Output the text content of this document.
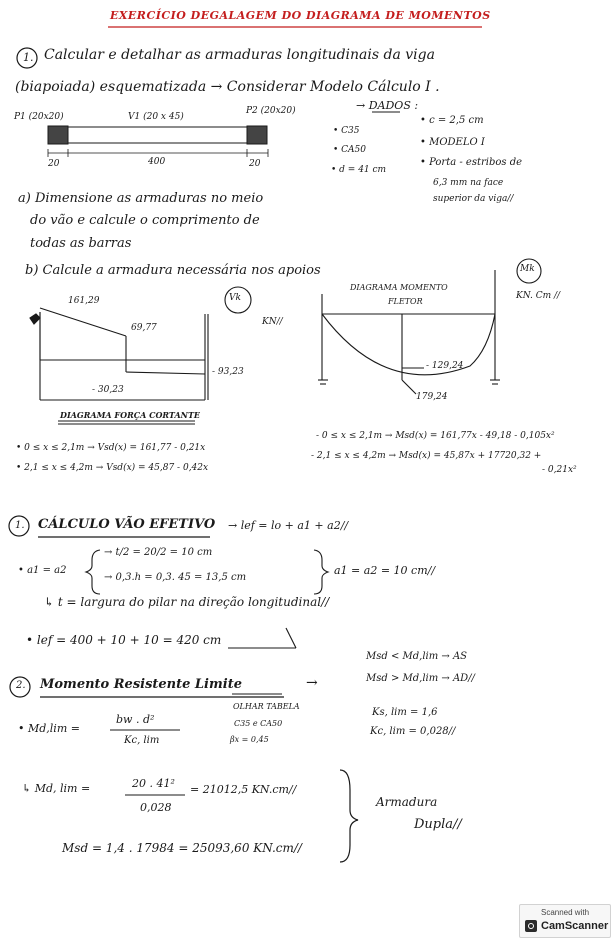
EXERCÍCIO DEGALAGEM DO DIAGRAMA DE MOMENTOS
1. Calcular e detalhar as armaduras longitudinais da viga
(biapoiada) esquematizada → Considerar Modelo Cálculo I .
P1 (20x20)	V1 (20 x 45)
P2 (20x20)
20	400	20
→ DADOS :
• C35
• CA50
• d = 41 cm
• c = 2,5 cm
• MODELO I
• Porta - estribos de
6,3 mm na face
superior da viga//
a) Dimensione as armaduras no meio
do vão e calcule o comprimento de
todas as barras
b) Calcule a armadura necessária nos apoios
161,29
69,77
- 30,23
- 93,23
Vk
KN//
DIAGRAMA FORÇA CORTANTE
DIAGRAMA MOMENTO
FLETOR
- 129,24
179,24
Mk
KN. Cm //
• 0 ≤ x ≤ 2,1m → Vsd(x) = 161,77 - 0,21x
• 2,1 ≤ x ≤ 4,2m → Vsd(x) = 45,87 - 0,42x
- 0 ≤ x ≤ 2,1m → Msd(x) = 161,77x - 49,18 - 0,105x²
- 2,1 ≤ x ≤ 4,2m → Msd(x) = 45,87x + 17720,32 +
- 0,21x²
1. CÁLCULO VÃO EFETIVO → lef = lo + a1 + a2//
• a1 = a2
→ t/2 = 20/2 = 10 cm
→ 0,3.h = 0,3. 45 = 13,5 cm
a1 = a2 = 10 cm//
↳ t = largura do pilar na direção longitudinal//
• lef = 400 + 10 + 10 = 420 cm
2. Momento Resistente Limite	→
Msd < Md,lim → AS
Msd > Md,lim → AD//
• Md,lim =
bw . d²
Kc, lim
OLHAR TABELA
C35 e CA50
βx = 0,45
Ks, lim = 1,6
Kc, lim = 0,028//
↳ Md, lim =	20 . 41²
0,028
= 21012,5 KN.cm//
Msd = 1,4 . 17984 = 25093,60 KN.cm//
Armadura
Dupla//
Scanned with
CamScanner
